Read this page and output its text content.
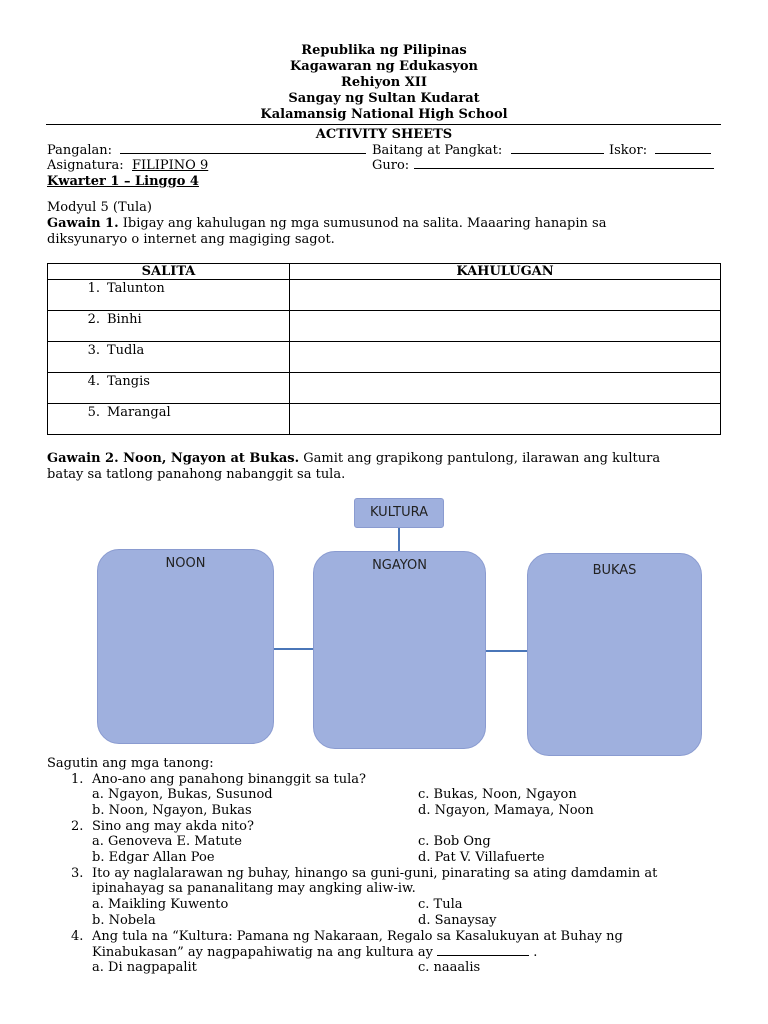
Republika ng Pilipinas
Kagawaran ng Edukasyon
Rehiyon XII
Sangay ng Sultan Kudarat
Kalamansig National High School
ACTIVITY SHEETS
Pangalan:	Baitang at Pangkat:	Iskor:
Asignatura: FILIPINO 9	Guro:
Kwarter 1 – Linggo 4
Modyul 5 (Tula)
Gawain 1. Ibigay ang kahulugan ng mga sumusunod na salita. Maaaring hanapin sa
diksyunaryo o internet ang magiging sagot.
SALITA	KAHULUGAN
1. Talunton	
2. Binhi	
3. Tudla	
4. Tangis	
5. Marangal	
Gawain 2. Noon, Ngayon at Bukas. Gamit ang grapikong pantulong, ilarawan ang kultura
batay sa tatlong panahong nabanggit sa tula.
KULTURA
NOON	NGAYON	BUKAS
Sagutin ang mga tanong:
1. Ano-ano ang panahong binanggit sa tula?
a. Ngayon, Bukas, Susunod	c. Bukas, Noon, Ngayon
b. Noon, Ngayon, Bukas	d. Ngayon, Mamaya, Noon
2. Sino ang may akda nito?
a. Genoveva E. Matute	c. Bob Ong
b. Edgar Allan Poe	d. Pat V. Villafuerte
3. Ito ay naglalarawan ng buhay, hinango sa guni-guni, pinarating sa ating damdamin at
ipinahayag sa pananalitang may angking aliw-iw.
a. Maikling Kuwento	c. Tula
b. Nobela	d. Sanaysay
4. Ang tula na “Kultura: Pamana ng Nakaraan, Regalo sa Kasalukuyan at Buhay ng
Kinabukasan” ay nagpapahiwatig na ang kultura ay	.
a. Di nagpapalit	c. naaalis
